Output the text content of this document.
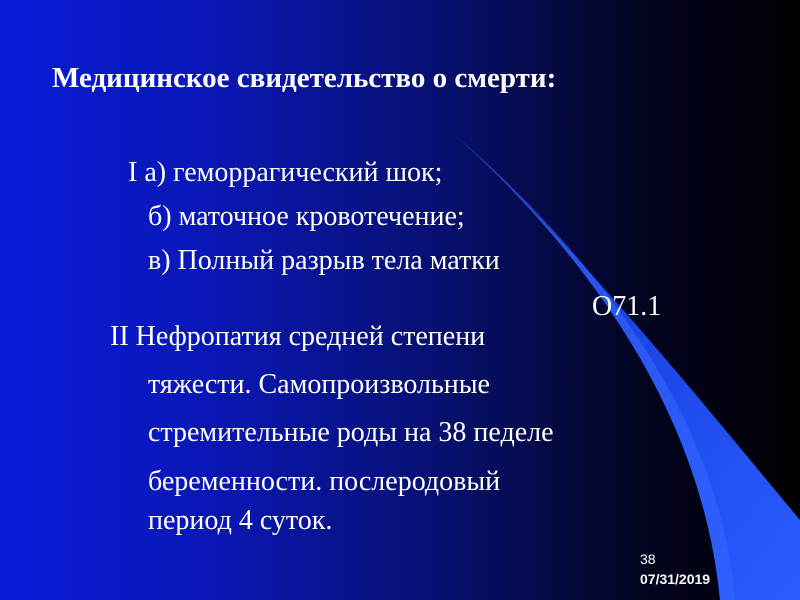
Медицинское свидетельство о смерти:
I а) геморрагический шок;
б) маточное кровотечение;
в) Полный разрыв тела матки
O71.1
II Нефропатия средней степени
тяжести. Самопроизвольные
стремительные роды на 38 педеле
беременности. послеродовый
период 4 суток.
38
07/31/2019
